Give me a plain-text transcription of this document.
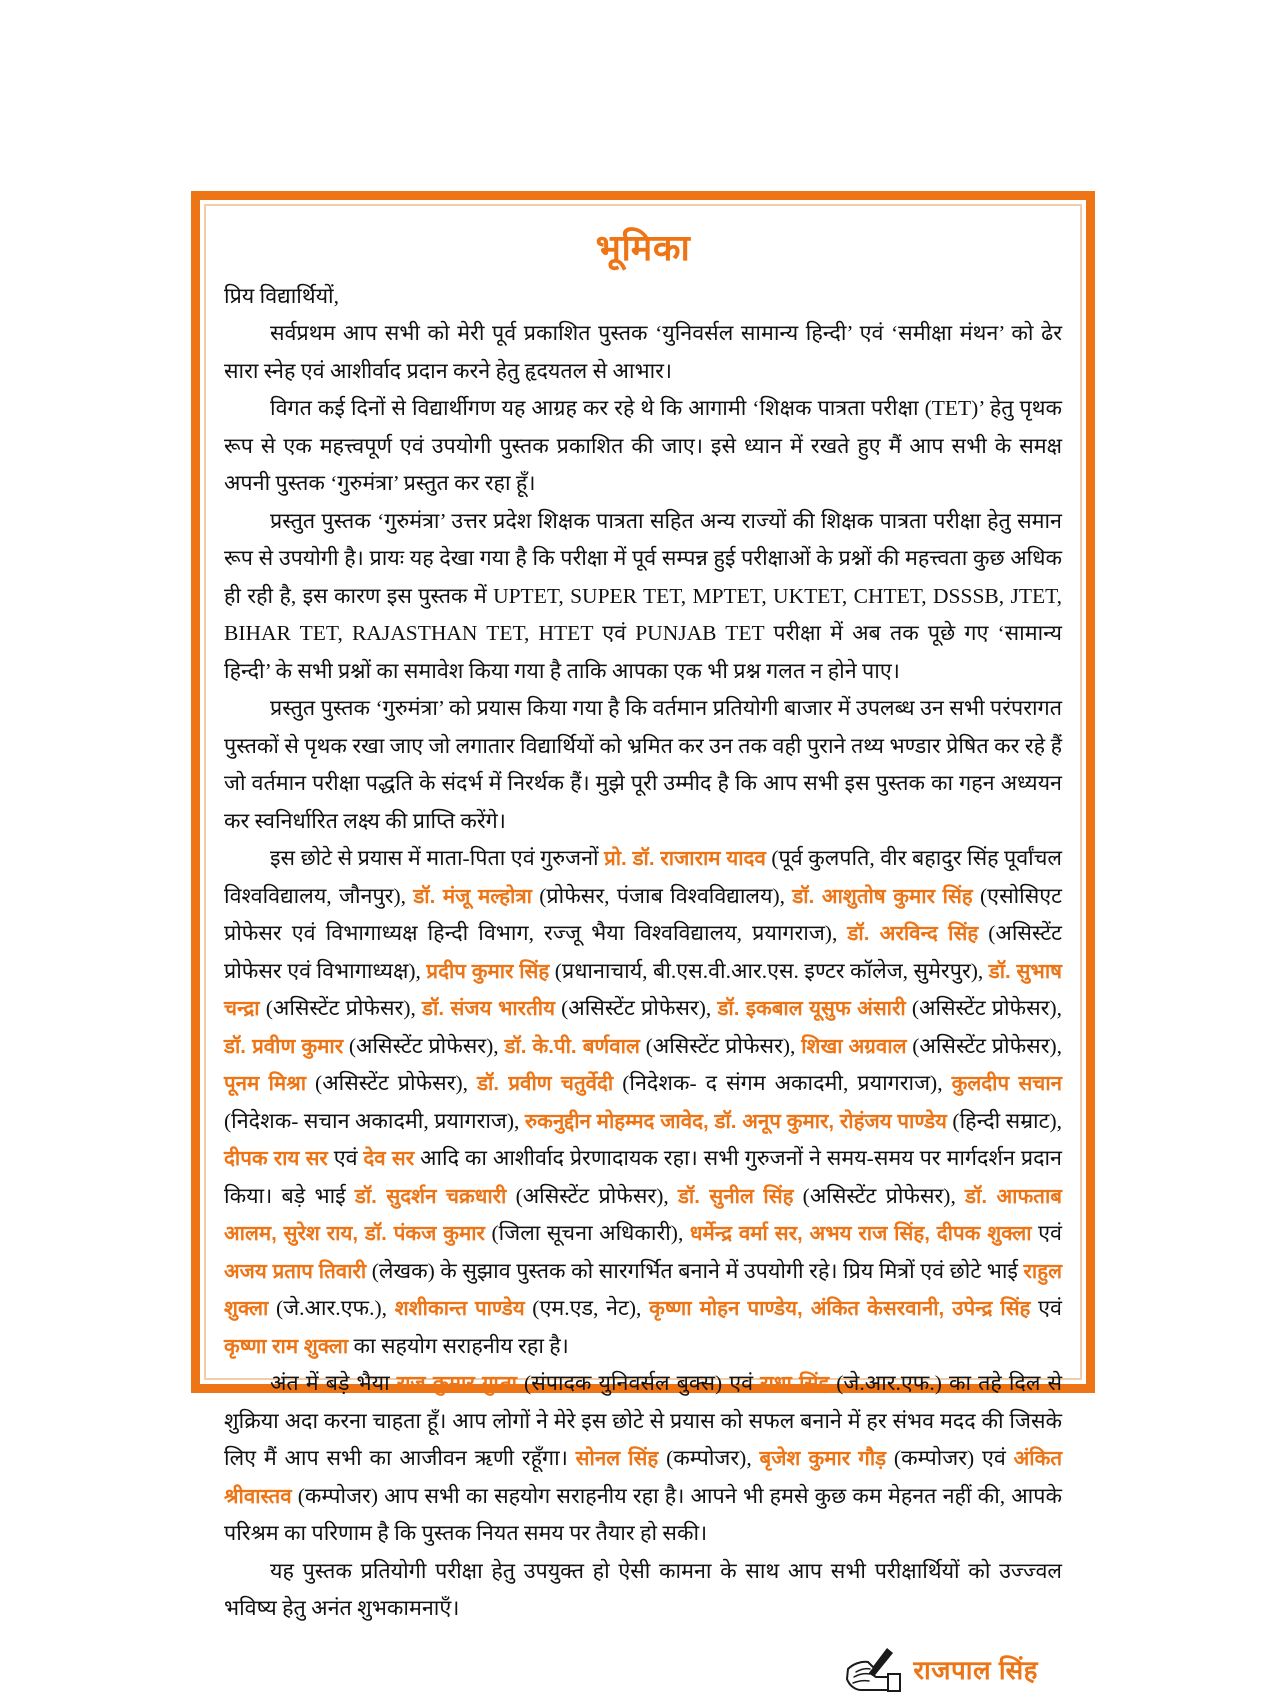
भूमिका

प्रिय विद्यार्थियों,

सर्वप्रथम आप सभी को मेरी पूर्व प्रकाशित पुस्तक ‘युनिवर्सल सामान्य हिन्दी’ एवं ‘समीक्षा मंथन’ को ढेर सारा स्नेह एवं आशीर्वाद प्रदान करने हेतु हृदयतल से आभार।

विगत कई दिनों से विद्यार्थीगण यह आग्रह कर रहे थे कि आगामी ‘शिक्षक पात्रता परीक्षा (TET)’ हेतु पृथक रूप से एक महत्त्वपूर्ण एवं उपयोगी पुस्तक प्रकाशित की जाए। इसे ध्यान में रखते हुए मैं आप सभी के समक्ष अपनी पुस्तक ‘गुरुमंत्रा’ प्रस्तुत कर रहा हूँ।

प्रस्तुत पुस्तक ‘गुरुमंत्रा’ उत्तर प्रदेश शिक्षक पात्रता सहित अन्य राज्यों की शिक्षक पात्रता परीक्षा हेतु समान रूप से उपयोगी है। प्रायः यह देखा गया है कि परीक्षा में पूर्व सम्पन्न हुई परीक्षाओं के प्रश्नों की महत्त्वता कुछ अधिक ही रही है, इस कारण इस पुस्तक में UPTET, SUPER TET, MPTET, UKTET, CHTET, DSSSB, JTET, BIHAR TET, RAJASTHAN TET, HTET एवं PUNJAB TET परीक्षा में अब तक पूछे गए ‘सामान्य हिन्दी’ के सभी प्रश्नों का समावेश किया गया है ताकि आपका एक भी प्रश्न गलत न होने पाए।

प्रस्तुत पुस्तक ‘गुरुमंत्रा’ को प्रयास किया गया है कि वर्तमान प्रतियोगी बाजार में उपलब्ध उन सभी परंपरागत पुस्तकों से पृथक रखा जाए जो लगातार विद्यार्थियों को भ्रमित कर उन तक वही पुराने तथ्य भण्डार प्रेषित कर रहे हैं जो वर्तमान परीक्षा पद्धति के संदर्भ में निरर्थक हैं। मुझे पूरी उम्मीद है कि आप सभी इस पुस्तक का गहन अध्ययन कर स्वनिर्धारित लक्ष्य की प्राप्ति करेंगे।

इस छोटे से प्रयास में माता-पिता एवं गुरुजनों प्रो. डॉ. राजाराम यादव (पूर्व कुलपति, वीर बहादुर सिंह पूर्वांचल विश्वविद्यालय, जौनपुर), डॉ. मंजू मल्होत्रा (प्रोफेसर, पंजाब विश्वविद्यालय), डॉ. आशुतोष कुमार सिंह (एसोसिएट प्रोफेसर एवं विभागाध्यक्ष हिन्दी विभाग, रज्जू भैया विश्वविद्यालय, प्रयागराज), डॉ. अरविन्द सिंह (असिस्टेंट प्रोफेसर एवं विभागाध्यक्ष), प्रदीप कुमार सिंह (प्रधानाचार्य, बी.एस.वी.आर.एस. इण्टर कॉलेज, सुमेरपुर), डॉ. सुभाष चन्द्रा (असिस्टेंट प्रोफेसर), डॉ. संजय भारतीय (असिस्टेंट प्रोफेसर), डॉ. इकबाल यूसुफ अंसारी (असिस्टेंट प्रोफेसर), डॉ. प्रवीण कुमार (असिस्टेंट प्रोफेसर), डॉ. के.पी. बर्णवाल (असिस्टेंट प्रोफेसर), शिखा अग्रवाल (असिस्टेंट प्रोफेसर), पूनम मिश्रा (असिस्टेंट प्रोफेसर), डॉ. प्रवीण चतुर्वेदी (निदेशक- द संगम अकादमी, प्रयागराज), कुलदीप सचान (निदेशक- सचान अकादमी, प्रयागराज), रुकनुद्दीन मोहम्मद जावेद, डॉ. अनूप कुमार, रोहंजय पाण्डेय (हिन्दी सम्राट), दीपक राय सर एवं देव सर आदि का आशीर्वाद प्रेरणादायक रहा। सभी गुरुजनों ने समय-समय पर मार्गदर्शन प्रदान किया। बड़े भाई डॉ. सुदर्शन चक्रधारी (असिस्टेंट प्रोफेसर), डॉ. सुनील सिंह (असिस्टेंट प्रोफेसर), डॉ. आफताब आलम, सुरेश राय, डॉ. पंकज कुमार (जिला सूचना अधिकारी), धर्मेन्द्र वर्मा सर, अभय राज सिंह, दीपक शुक्ला एवं अजय प्रताप तिवारी (लेखक) के सुझाव पुस्तक को सारगर्भित बनाने में उपयोगी रहे। प्रिय मित्रों एवं छोटे भाई राहुल शुक्ला (जे.आर.एफ.), शशीकान्त पाण्डेय (एम.एड, नेट), कृष्णा मोहन पाण्डेय, अंकित केसरवानी, उपेन्द्र सिंह एवं कृष्णा राम शुक्ला का सहयोग सराहनीय रहा है।

अंत में बड़े भैया राज कुमार गुप्ता (संपादक युनिवर्सल बुक्स) एवं राधा सिंह (जे.आर.एफ.) का तहे दिल से शुक्रिया अदा करना चाहता हूँ। आप लोगों ने मेरे इस छोटे से प्रयास को सफल बनाने में हर संभव मदद की जिसके लिए मैं आप सभी का आजीवन ऋणी रहूँगा। सोनल सिंह (कम्पोजर), बृजेश कुमार गौड़ (कम्पोजर) एवं अंकित श्रीवास्तव (कम्पोजर) आप सभी का सहयोग सराहनीय रहा है। आपने भी हमसे कुछ कम मेहनत नहीं की, आपके परिश्रम का परिणाम है कि पुस्तक नियत समय पर तैयार हो सकी।

यह पुस्तक प्रतियोगी परीक्षा हेतु उपयुक्त हो ऐसी कामना के साथ आप सभी परीक्षार्थियों को उज्ज्वल भविष्य हेतु अनंत शुभकामनाएँ।

राजपाल सिंह
